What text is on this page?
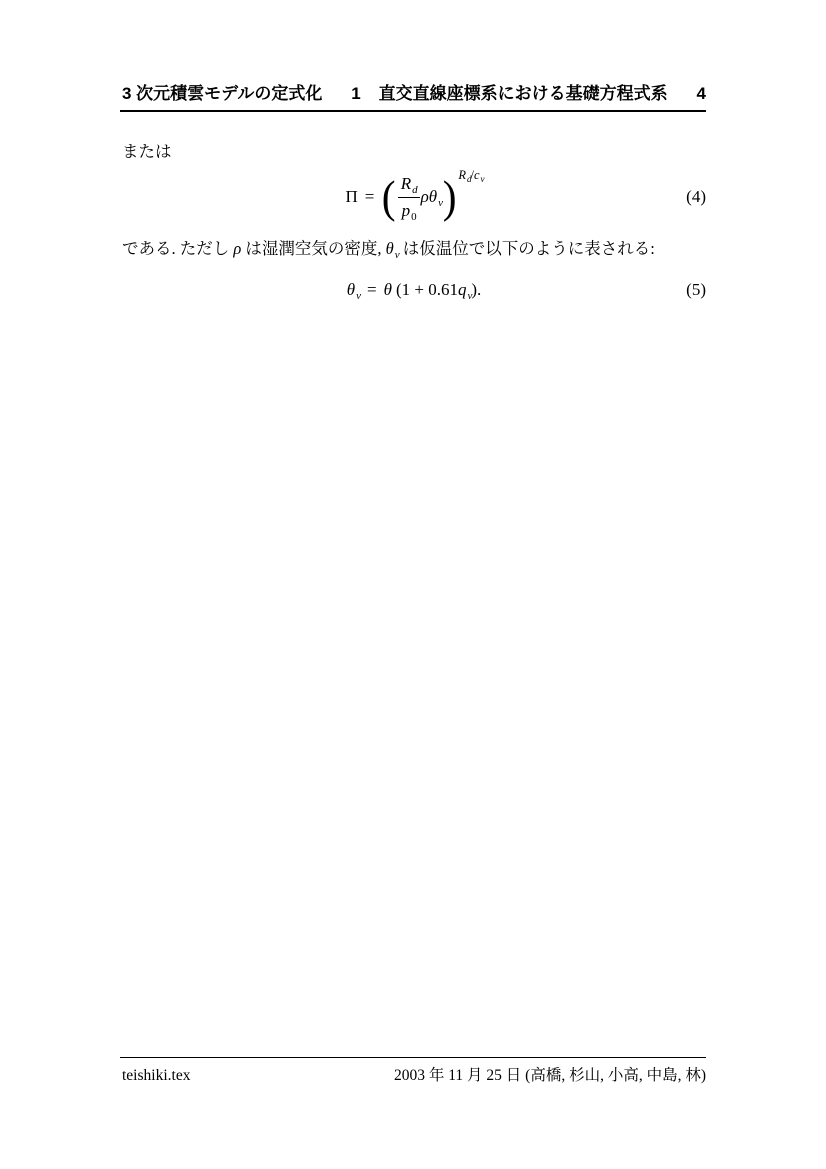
3 次元積雲モデルの定式化 1 直交直線座標系における基礎方程式系 4

または

Π = ( $\frac{R_d}{p_0} \rho\theta_v$ ) $R_d/c_v$
(4)

である. ただし ρ は湿潤空気の密度, $\theta_v$ は仮温位で以下のように表される:

$\theta_v = \theta$ ( 1 + 0.61 $q_v$ ) .	(5)
teishiki.tex	2003 年 11 月 25 日 (高橋, 杉山, 小高, 中島, 林)
